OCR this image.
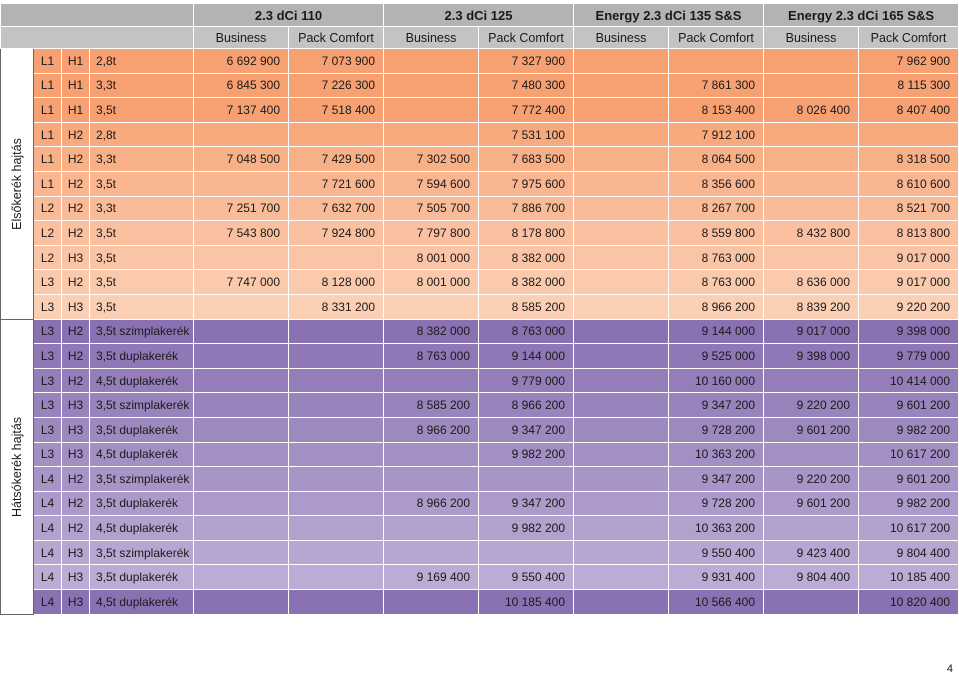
				2.3 dCi 110		2.3 dCi 125		Energy 2.3 dCi 135 S&S		Energy 2.3 dCi 165 S&S	
				Business	Pack Comfort	Business	Pack Comfort	Business	Pack Comfort	Business	Pack Comfort

Elsőkerék hajtás	L1	H1	2,8t	6 692 900	7 073 900		7 327 900				7 962 900
	L1	H1	3,3t	6 845 300	7 226 300		7 480 300		7 861 300		8 115 300
	L1	H1	3,5t	7 137 400	7 518 400		7 772 400		8 153 400	8 026 400	8 407 400
	L1	H2	2,8t				7 531 100		7 912 100		
	L1	H2	3,3t	7 048 500	7 429 500	7 302 500	7 683 500		8 064 500		8 318 500
	L1	H2	3,5t		7 721 600	7 594 600	7 975 600		8 356 600		8 610 600
	L2	H2	3,3t	7 251 700	7 632 700	7 505 700	7 886 700		8 267 700		8 521 700
	L2	H2	3,5t	7 543 800	7 924 800	7 797 800	8 178 800		8 559 800	8 432 800	8 813 800
	L2	H3	3,5t			8 001 000	8 382 000		8 763 000		9 017 000
	L3	H2	3,5t	7 747 000	8 128 000	8 001 000	8 382 000		8 763 000	8 636 000	9 017 000
	L3	H3	3,5t		8 331 200		8 585 200		8 966 200	8 839 200	9 220 200

Hátsókerék hajtás	L3	H2	3,5t szimplakerék			8 382 000	8 763 000		9 144 000	9 017 000	9 398 000
	L3	H2	3,5t duplakerék			8 763 000	9 144 000		9 525 000	9 398 000	9 779 000
	L3	H2	4,5t duplakerék				9 779 000		10 160 000		10 414 000
	L3	H3	3,5t szimplakerék			8 585 200	8 966 200		9 347 200	9 220 200	9 601 200
	L3	H3	3,5t duplakerék			8 966 200	9 347 200		9 728 200	9 601 200	9 982 200
	L3	H3	4,5t duplakerék				9 982 200		10 363 200		10 617 200
	L4	H2	3,5t szimplakerék						9 347 200	9 220 200	9 601 200
	L4	H2	3,5t duplakerék			8 966 200	9 347 200		9 728 200	9 601 200	9 982 200
	L4	H2	4,5t duplakerék				9 982 200		10 363 200		10 617 200
	L4	H3	3,5t szimplakerék						9 550 400	9 423 400	9 804 400
	L4	H3	3,5t duplakerék			9 169 400	9 550 400		9 931 400	9 804 400	10 185 400
	L4	H3	4,5t duplakerék				10 185 400		10 566 400		10 820 400
4
